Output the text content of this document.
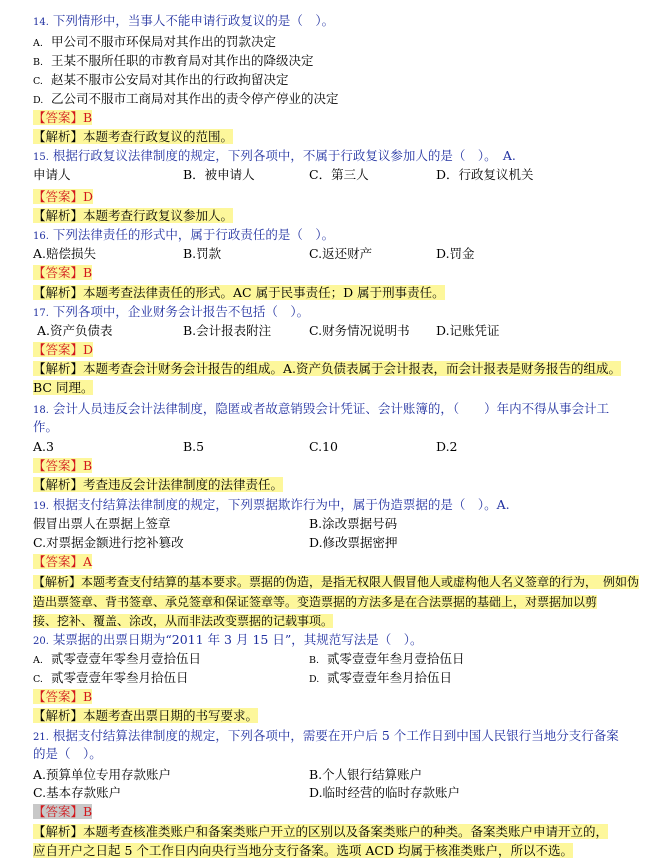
14. 下列情形中，当事人不能申请行政复议的是（　）。
A. 甲公司不服市环保局对其作出的罚款决定
B. 王某不服所任职的市教育局对其作出的降级决定
C. 赵某不服市公安局对其作出的行政拘留决定
D. 乙公司不服市工商局对其作出的责令停产停业的决定
【答案】B
【解析】本题考查行政复议的范围。
15. 根据行政复议法律制度的规定，下列各项中，不属于行政复议参加人的是（　）。　A.
申请人	B．被申请人	C．第三人	D．行政复议机关
【答案】D
【解析】本题考查行政复议参加人。
16. 下列法律责任的形式中，属于行政责任的是（　）。
A.赔偿损失	B.罚款	C.返还财产	D.罚金
【答案】B
【解析】本题考查法律责任的形式。AC 属于民事责任；D 属于刑事责任。
17. 下列各项中，企业财务会计报告不包括（　）。
A.资产负债表	B.会计报表附注	C.财务情况说明书 D.记账凭证
【答案】D
【解析】本题考查会计财务会计报告的组成。A.资产负债表属于会计报表，而会计报表是财务报告的组成。
BC 同理。
18. 会计人员违反会计法律制度，隐匿或者故意销毁会计凭证、会计账簿的，（　　）年内不得从事会计工
作。
A.3	B.5	C.10	D.2
【答案】B
【解析】考查违反会计法律制度的法律责任。
19. 根据支付结算法律制度的规定，下列票据欺诈行为中，属于伪造票据的是（　）。A.
假冒出票人在票据上签章	B.涂改票据号码
C.对票据金额进行挖补篡改	D.修改票据密押
【答案】A
【解析】本题考查支付结算的基本要求。票据的伪造，是指无权限人假冒他人或虚构他人名义签章的行为，　例如伪
造出票签章、背书签章、承兑签章和保证签章等。变造票据的方法多是在合法票据的基础上，对票据加以剪
接、挖补、覆盖、涂改，从而非法改变票据的记载事项。
20. 某票据的出票日期为“2011 年 3 月 15 日”，其规范写法是（　）。
A. 贰零壹壹年零叁月壹拾伍日	B. 贰零壹壹年叁月壹拾伍日
C. 贰零壹壹年零叁月拾伍日	D. 贰零壹壹年叁月拾伍日
【答案】B
【解析】本题考查出票日期的书写要求。
21. 根据支付结算法律制度的规定，下列各项中，需要在开户后 5 个工作日到中国人民银行当地分支行备案
的是（　）。
A.预算单位专用存款账户	B.个人银行结算账户
C.基本存款账户	D.临时经营的临时存款账户
【答案】B
【解析】本题考查核准类账户和备案类账户开立的区别以及备案类账户的种类。备案类账户申请开立的，
应自开户之日起 5 个工作日内向央行当地分支行备案。选项 ACD 均属于核准类账户，所以不选。
